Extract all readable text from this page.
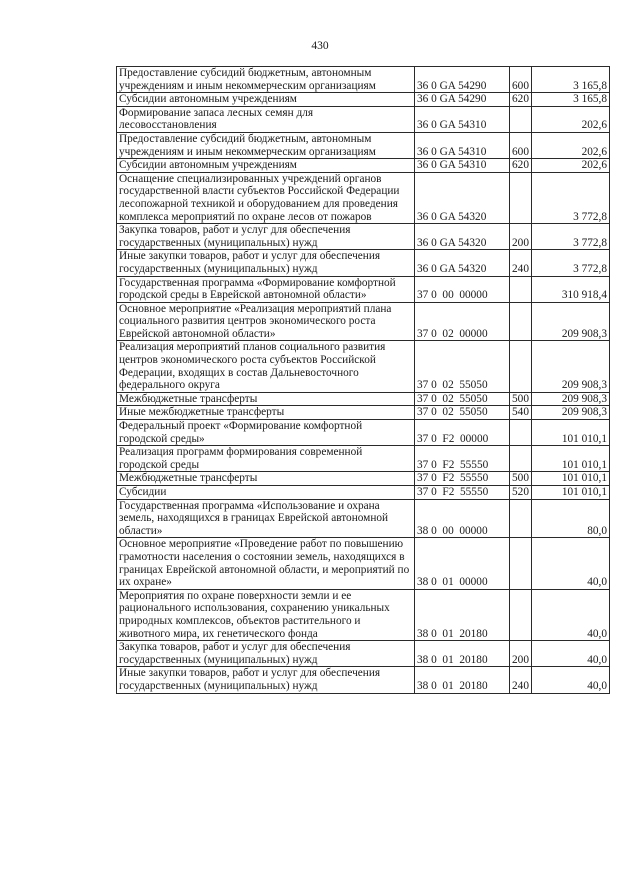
430
Предоставление субсидий бюджетным, автономным учреждениям и иным некоммерческим организациям	36 0 GA 54290	600	3 165,8
Субсидии автономным учреждениям	36 0 GA 54290	620	3 165,8
Формирование запаса лесных семян для лесовосстановления	36 0 GA 54310		202,6
Предоставление субсидий бюджетным, автономным учреждениям и иным некоммерческим организациям	36 0 GA 54310	600	202,6
Субсидии автономным учреждениям	36 0 GA 54310	620	202,6
Оснащение специализированных учреждений органов государственной власти субъектов Российской Федерации лесопожарной техникой и оборудованием для проведения комплекса мероприятий по охране лесов от пожаров	36 0 GA 54320		3 772,8
Закупка товаров, работ и услуг для обеспечения государственных (муниципальных) нужд	36 0 GA 54320	200	3 772,8
Иные закупки товаров, работ и услуг для обеспечения государственных (муниципальных) нужд	36 0 GA 54320	240	3 772,8
Государственная программа «Формирование комфортной городской среды в Еврейской автономной области»	37 0  00  00000		310 918,4
Основное мероприятие «Реализация мероприятий плана социального развития центров экономического роста Еврейской автономной области»	37 0  02  00000		209 908,3
Реализация мероприятий планов социального развития центров экономического роста субъектов Российской Федерации, входящих в состав Дальневосточного федерального округа	37 0  02  55050		209 908,3
Межбюджетные трансферты	37 0  02  55050	500	209 908,3
Иные межбюджетные трансферты	37 0  02  55050	540	209 908,3
Федеральный проект «Формирование комфортной городской среды»	37 0  F2  00000		101 010,1
Реализация программ формирования современной городской среды	37 0  F2  55550		101 010,1
Межбюджетные трансферты	37 0  F2  55550	500	101 010,1
Субсидии	37 0  F2  55550	520	101 010,1
Государственная программа «Использование и охрана земель, находящихся в границах Еврейской автономной области»	38 0  00  00000		80,0
Основное мероприятие «Проведение работ по повышению грамотности населения о состоянии земель, находящихся в границах Еврейской автономной области, и мероприятий по их охране»	38 0  01  00000		40,0
Мероприятия по охране поверхности земли и ее рационального использования, сохранению уникальных природных комплексов, объектов растительного и животного мира, их генетического фонда	38 0  01  20180		40,0
Закупка товаров, работ и услуг для обеспечения государственных (муниципальных) нужд	38 0  01  20180	200	40,0
Иные закупки товаров, работ и услуг для обеспечения государственных (муниципальных) нужд	38 0  01  20180	240	40,0
